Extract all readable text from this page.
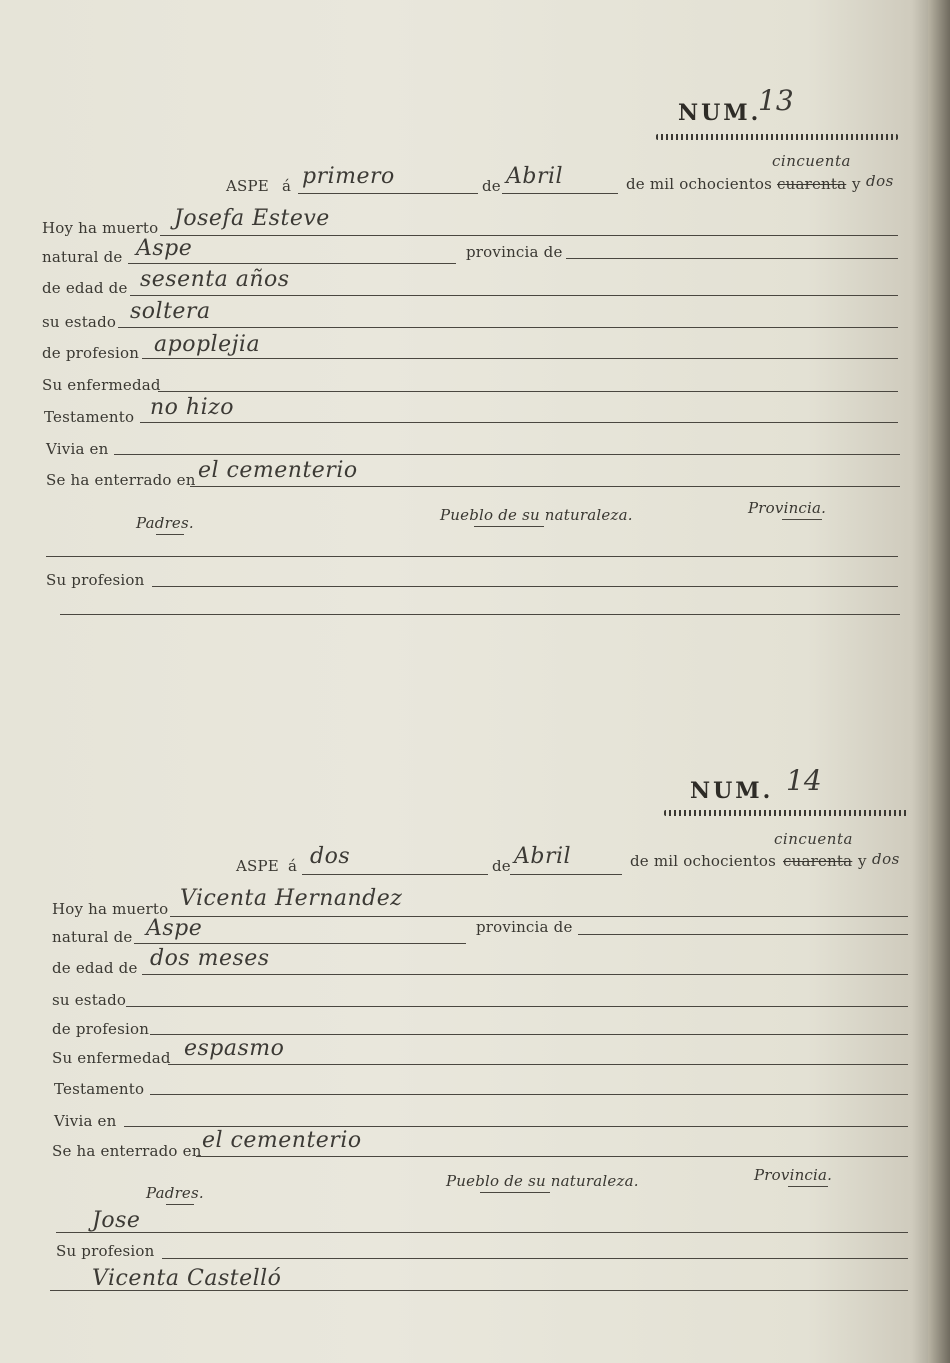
NUM.
13
ASPE á primero	de Abril	de mil ochocientos
cincuenta
cuarenta y dos
Hoy ha muerto Josefa Esteve
natural de Aspe	provincia de
de edad de sesenta años
su estado soltera
de profesion apoplejia
Su enfermedad
Testamento no hizo
Vivia en
Se ha enterrado en el cementerio
Padres.	Pueblo de su naturaleza.	Provincia.
Su profesion
NUM. 14
ASPE á dos	de Abril	de mil ochocientos
cincuenta
cuarenta y dos
Hoy ha muerto Vicenta Hernandez
natural de Aspe	provincia de
de edad de dos meses
su estado
de profesion
Su enfermedad espasmo
Testamento
Vivia en
Se ha enterrado en el cementerio
Padres.
Pueblo de su naturaleza.	Provincia.
Jose
Su profesion
Vicenta Castelló
